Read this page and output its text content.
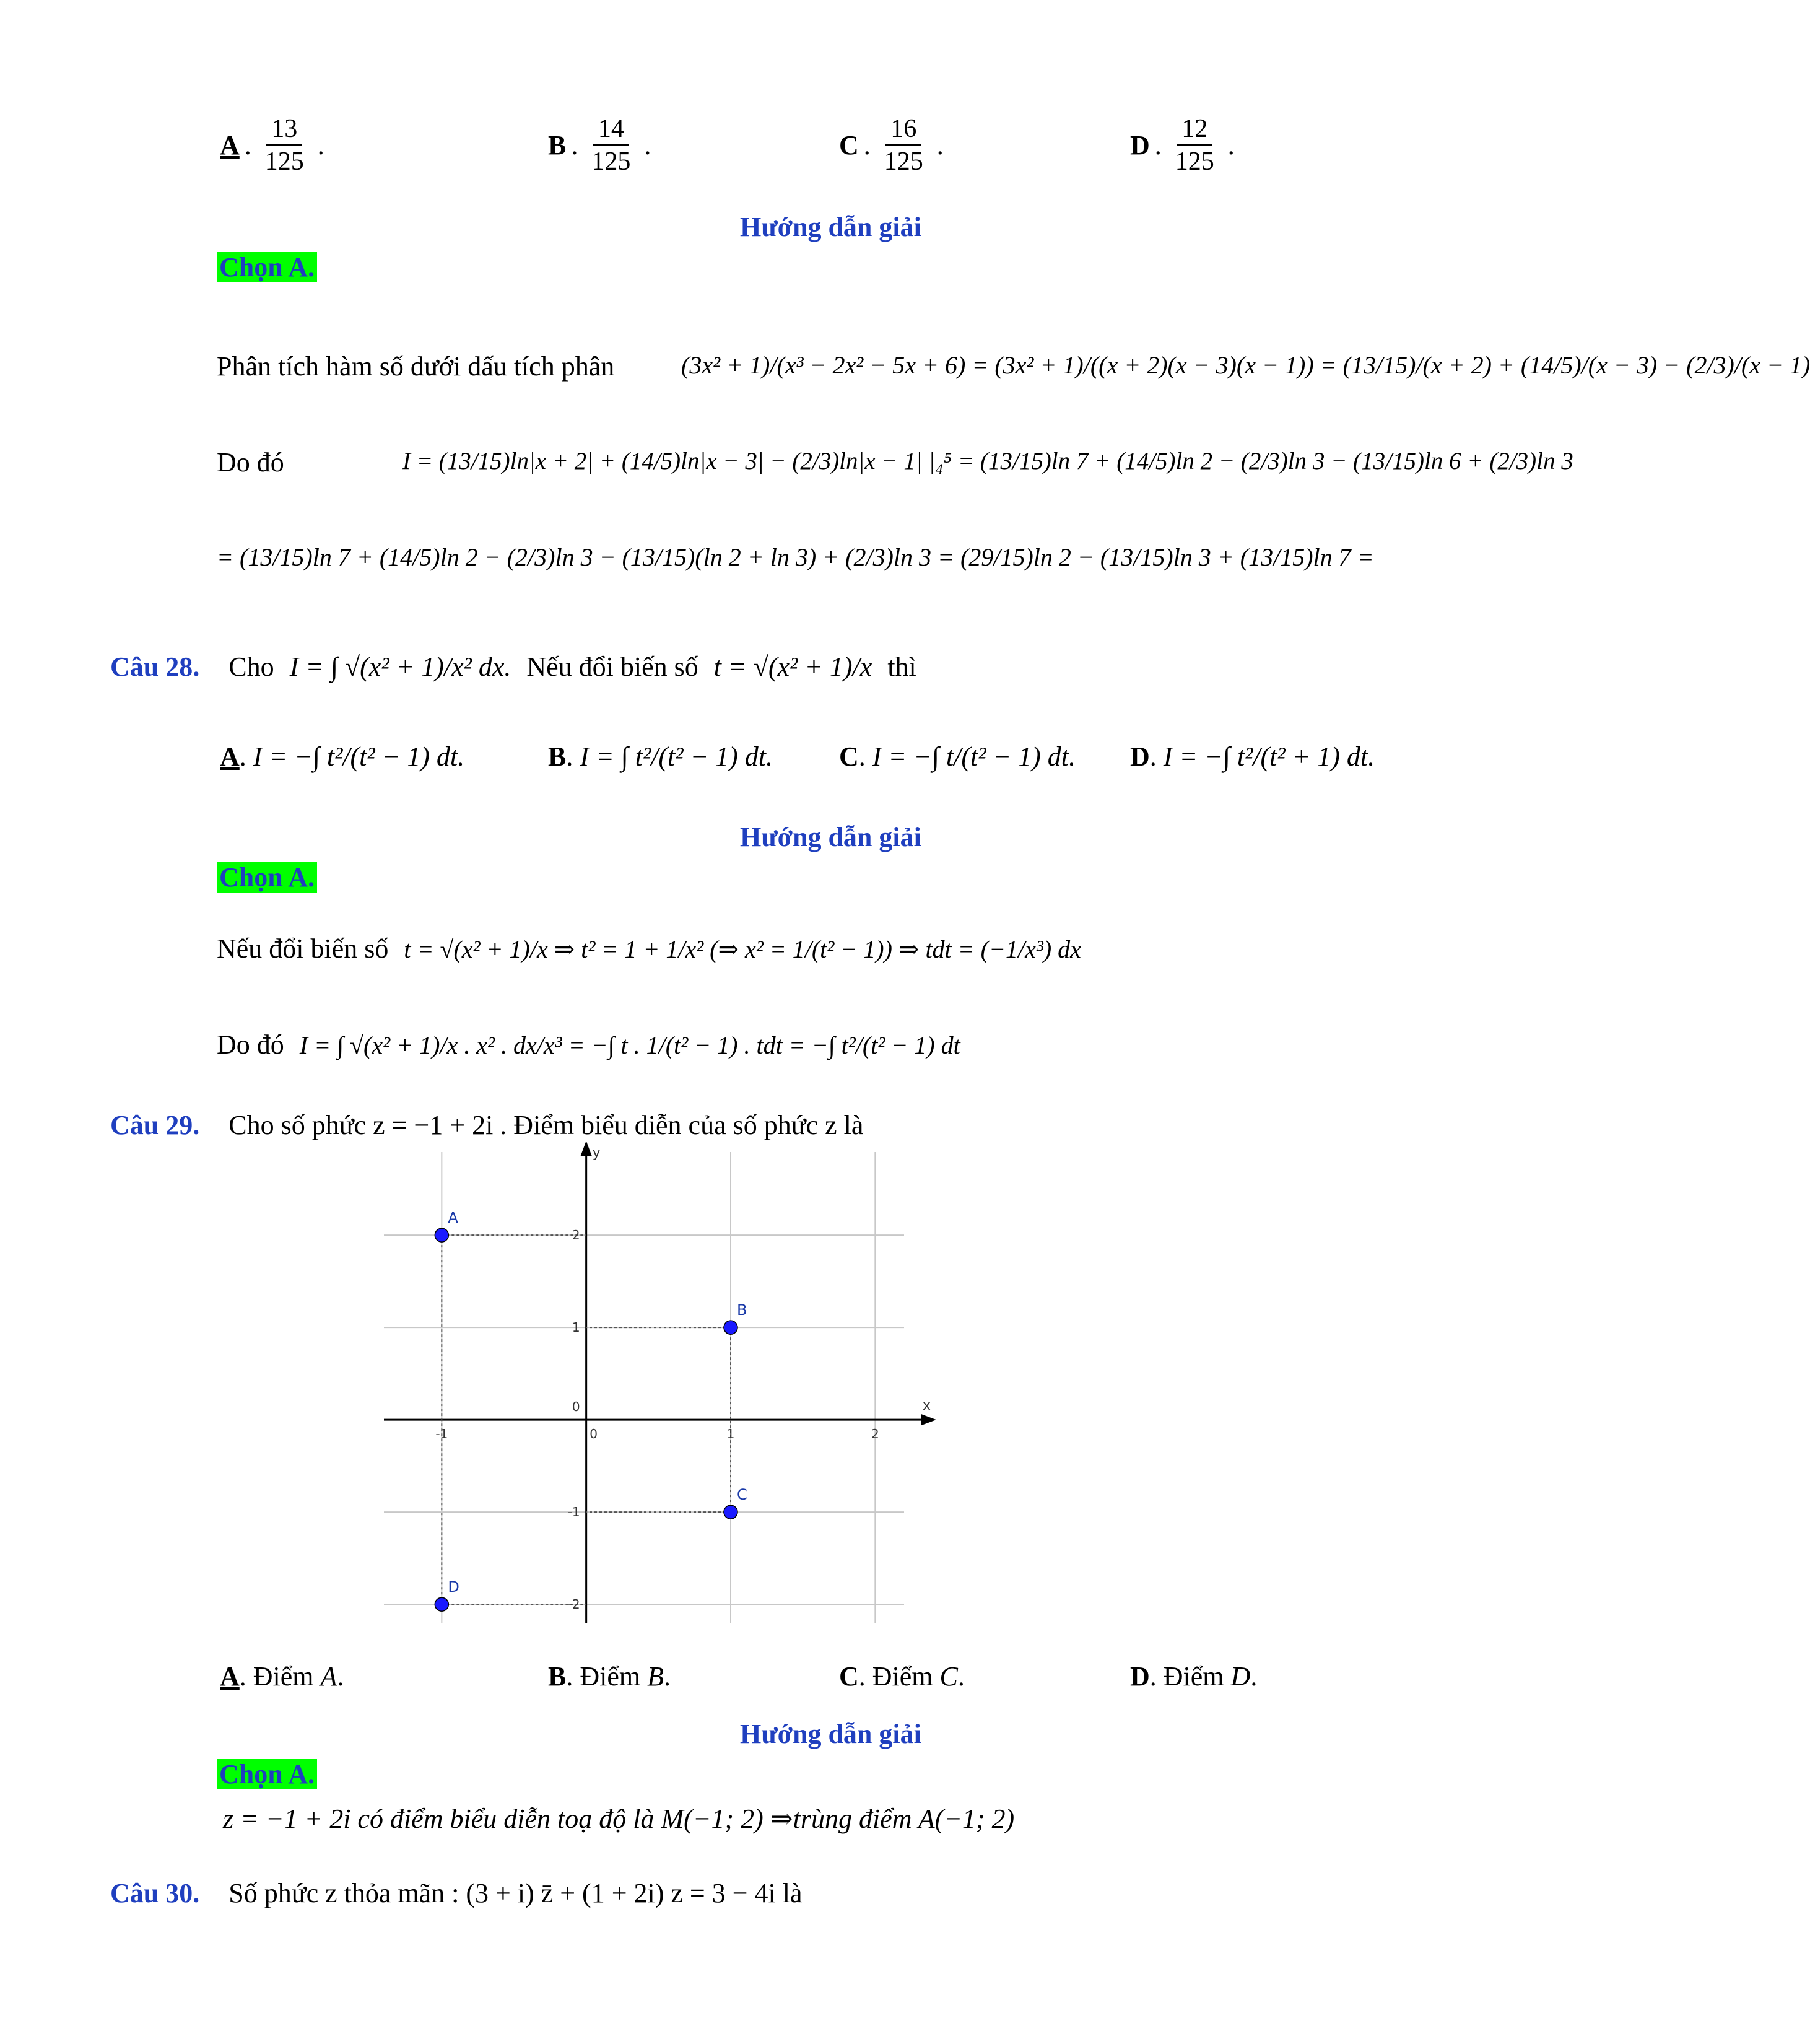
A . $\frac{13}{125}$ .	B . $\frac{14}{125}$ .	C . $\frac{16}{125}$ .	D . $\frac{12}{125}$ .
Hướng dẫn giải
Chọn A.
Phân tích hàm số dưới dấu tích phân	(3x² + 1)/(x³ − 2x² − 5x + 6) = (3x² + 1)/((x + 2)(x − 3)(x − 1)) = (13/15)/(x + 2) + (14/5)/(x − 3) − (2/3)/(x − 1)
Do đó	I = (13/15)ln|x + 2| + (14/5)ln|x − 3| − (2/3)ln|x − 1| |₄⁵ = (13/15)ln 7 + (14/5)ln 2 − (2/3)ln 3 − (13/15)ln 6 + (2/3)ln 3
= (13/15)ln 7 + (14/5)ln 2 − (2/3)ln 3 − (13/15)(ln 2 + ln 3) + (2/3)ln 3 = (29/15)ln 2 − (13/15)ln 3 + (13/15)ln 7 =
Câu 28. Cho I = ∫ √(x² + 1)/x² dx. Nếu đổi biến số t = √(x² + 1)/x thì
A. I = −∫ t²/(t² − 1) dt.	B. I = ∫ t²/(t² − 1) dt. C. I = −∫ t/(t² − 1) dt. D. I = −∫ t²/(t² + 1) dt.
Hướng dẫn giải
Chọn A.
Nếu đổi biến số t = √(x² + 1)/x ⇒ t² = 1 + 1/x² (⇒ x² = 1/(t² − 1)) ⇒ tdt = (−1/x³) dx
Do đó I = ∫ √(x² + 1)/x . x² . dx/x³ = −∫ t . 1/(t² − 1) . tdt = −∫ t²/(t² − 1) dt
Câu 29. Cho số phức z = −1 + 2i . Điểm biểu diễn của số phức z là
x
y
-1	0	1	2
2
1
0
-1
-2
A
B
C
D
A. Điểm A.	B. Điểm B.	C. Điểm C.	D. Điểm D.
Hướng dẫn giải
Chọn A.
z = −1 + 2i có điểm biểu diễn toạ độ là M(−1; 2) ⇒trùng điểm A(−1; 2)
Câu 30. Số phức z thỏa mãn : (3 + i) z̄ + (1 + 2i) z = 3 − 4i là
